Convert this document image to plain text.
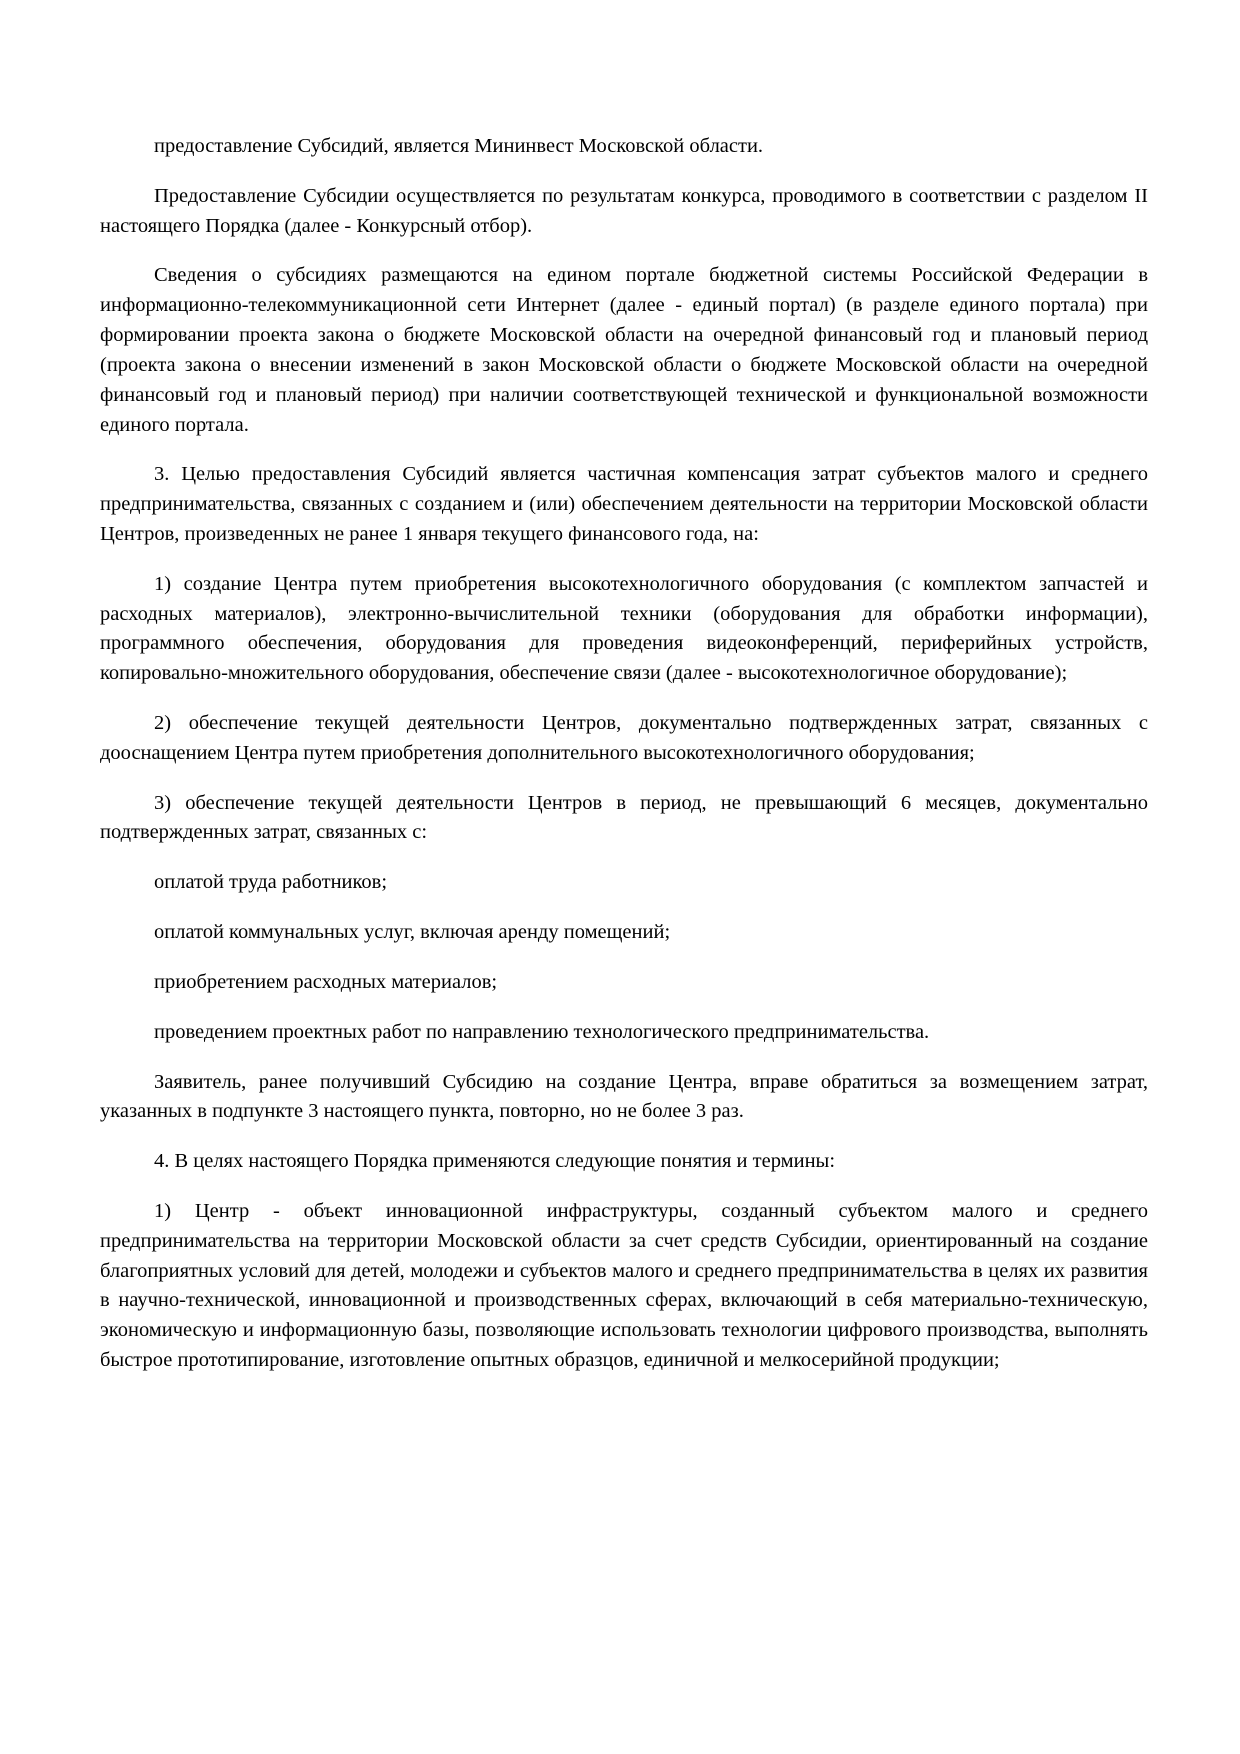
предоставление Субсидий, является Мининвест Московской области.

Предоставление Субсидии осуществляется по результатам конкурса, проводимого в соответствии с разделом II настоящего Порядка (далее - Конкурсный отбор).

Сведения о субсидиях размещаются на едином портале бюджетной системы Российской Федерации в информационно-телекоммуникационной сети Интернет (далее - единый портал) (в разделе единого портала) при формировании проекта закона о бюджете Московской области на очередной финансовый год и плановый период (проекта закона о внесении изменений в закон Московской области о бюджете Московской области на очередной финансовый год и плановый период) при наличии соответствующей технической и функциональной возможности единого портала.

3. Целью предоставления Субсидий является частичная компенсация затрат субъектов малого и среднего предпринимательства, связанных с созданием и (или) обеспечением деятельности на территории Московской области Центров, произведенных не ранее 1 января текущего финансового года, на:

1) создание Центра путем приобретения высокотехнологичного оборудования (с комплектом запчастей и расходных материалов), электронно-вычислительной техники (оборудования для обработки информации), программного обеспечения, оборудования для проведения видеоконференций, периферийных устройств, копировально-множительного оборудования, обеспечение связи (далее - высокотехнологичное оборудование);

2) обеспечение текущей деятельности Центров, документально подтвержденных затрат, связанных с дооснащением Центра путем приобретения дополнительного высокотехнологичного оборудования;

3) обеспечение текущей деятельности Центров в период, не превышающий 6 месяцев, документально подтвержденных затрат, связанных с:

оплатой труда работников;

оплатой коммунальных услуг, включая аренду помещений;

приобретением расходных материалов;

проведением проектных работ по направлению технологического предпринимательства.

Заявитель, ранее получивший Субсидию на создание Центра, вправе обратиться за возмещением затрат, указанных в подпункте 3 настоящего пункта, повторно, но не более 3 раз.

4. В целях настоящего Порядка применяются следующие понятия и термины:

1) Центр - объект инновационной инфраструктуры, созданный субъектом малого и среднего предпринимательства на территории Московской области за счет средств Субсидии, ориентированный на создание благоприятных условий для детей, молодежи и субъектов малого и среднего предпринимательства в целях их развития в научно-технической, инновационной и производственных сферах, включающий в себя материально-техническую, экономическую и информационную базы, позволяющие использовать технологии цифрового производства, выполнять быстрое прототипирование, изготовление опытных образцов, единичной и мелкосерийной продукции;
